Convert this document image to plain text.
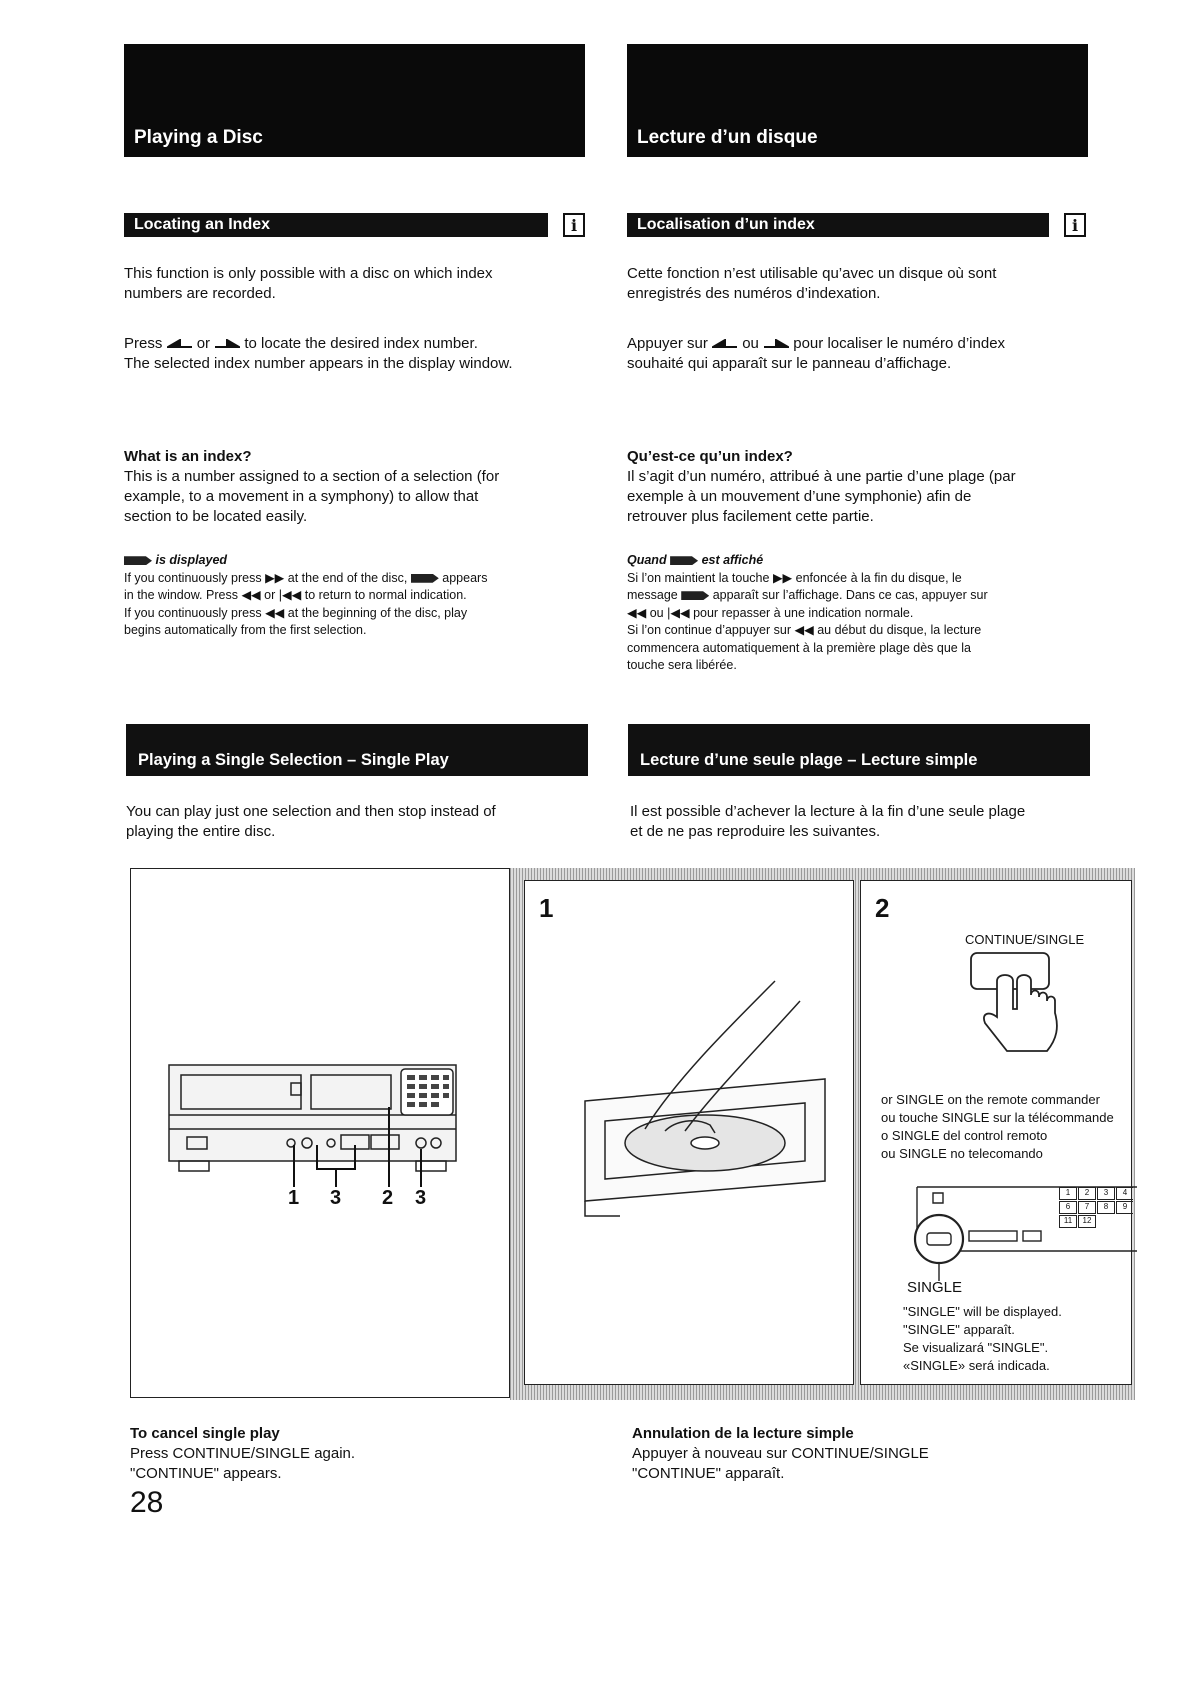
Playing a Disc	Lecture d’un disque
Locating an Index	i	Localisation d’un index	i
This function is only possible with a disc on which index
numbers are recorded.
Press or to locate the desired index number.
The selected index number appears in the display window.
What is an index?
This is a number assigned to a section of a selection (for
example, to a movement in a symphony) to allow that
section to be located easily.
is displayed
If you continuously press ▶▶ at the end of the disc,	appears
in the window. Press ◀◀ or |◀◀ to return to normal indication.
If you continuously press ◀◀ at the beginning of the disc, play
begins automatically from the first selection.
Cette fonction n’est utilisable qu’avec un disque où sont
enregistrés des numéros d’indexation.
Appuyer sur ou pour localiser le numéro d’index
souhaité qui apparaît sur le panneau d’affichage.
Qu’est-ce qu’un index?
Il s’agit d’un numéro, attribué à une partie d’une plage (par
exemple à un mouvement d’une symphonie) afin de
retrouver plus facilement cette partie.
Quand	est affiché
Si l’on maintient la touche ▶▶ enfoncée à la fin du disque, le
message	apparaît sur l’affichage. Dans ce cas, appuyer sur
◀◀ ou |◀◀ pour repasser à une indication normale.
Si l’on continue d’appuyer sur ◀◀ au début du disque, la lecture
commencera automatiquement à la première plage dès que la
touche sera libérée.
Playing a Single Selection – Single Play	Lecture d’une seule plage – Lecture simple
You can play just one selection and then stop instead of
playing the entire disc.
Il est possible d’achever la lecture à la fin d’une seule plage
et de ne pas reproduire les suivantes.
1 3 2 3
1	2
CONTINUE/SINGLE
or SINGLE on the remote commander
ou touche SINGLE sur la télécommande
o SINGLE del control remoto
ou SINGLE no telecomando
1	2	3	4
6	7	8	9
11	12
SINGLE
"SINGLE" will be displayed.
"SINGLE" apparaît.
Se visualizará "SINGLE".
«SINGLE» será indicada.
To cancel single play
Press CONTINUE/SINGLE again.
"CONTINUE" appears.
Annulation de la lecture simple
Appuyer à nouveau sur CONTINUE/SINGLE
"CONTINUE" apparaît.
28
